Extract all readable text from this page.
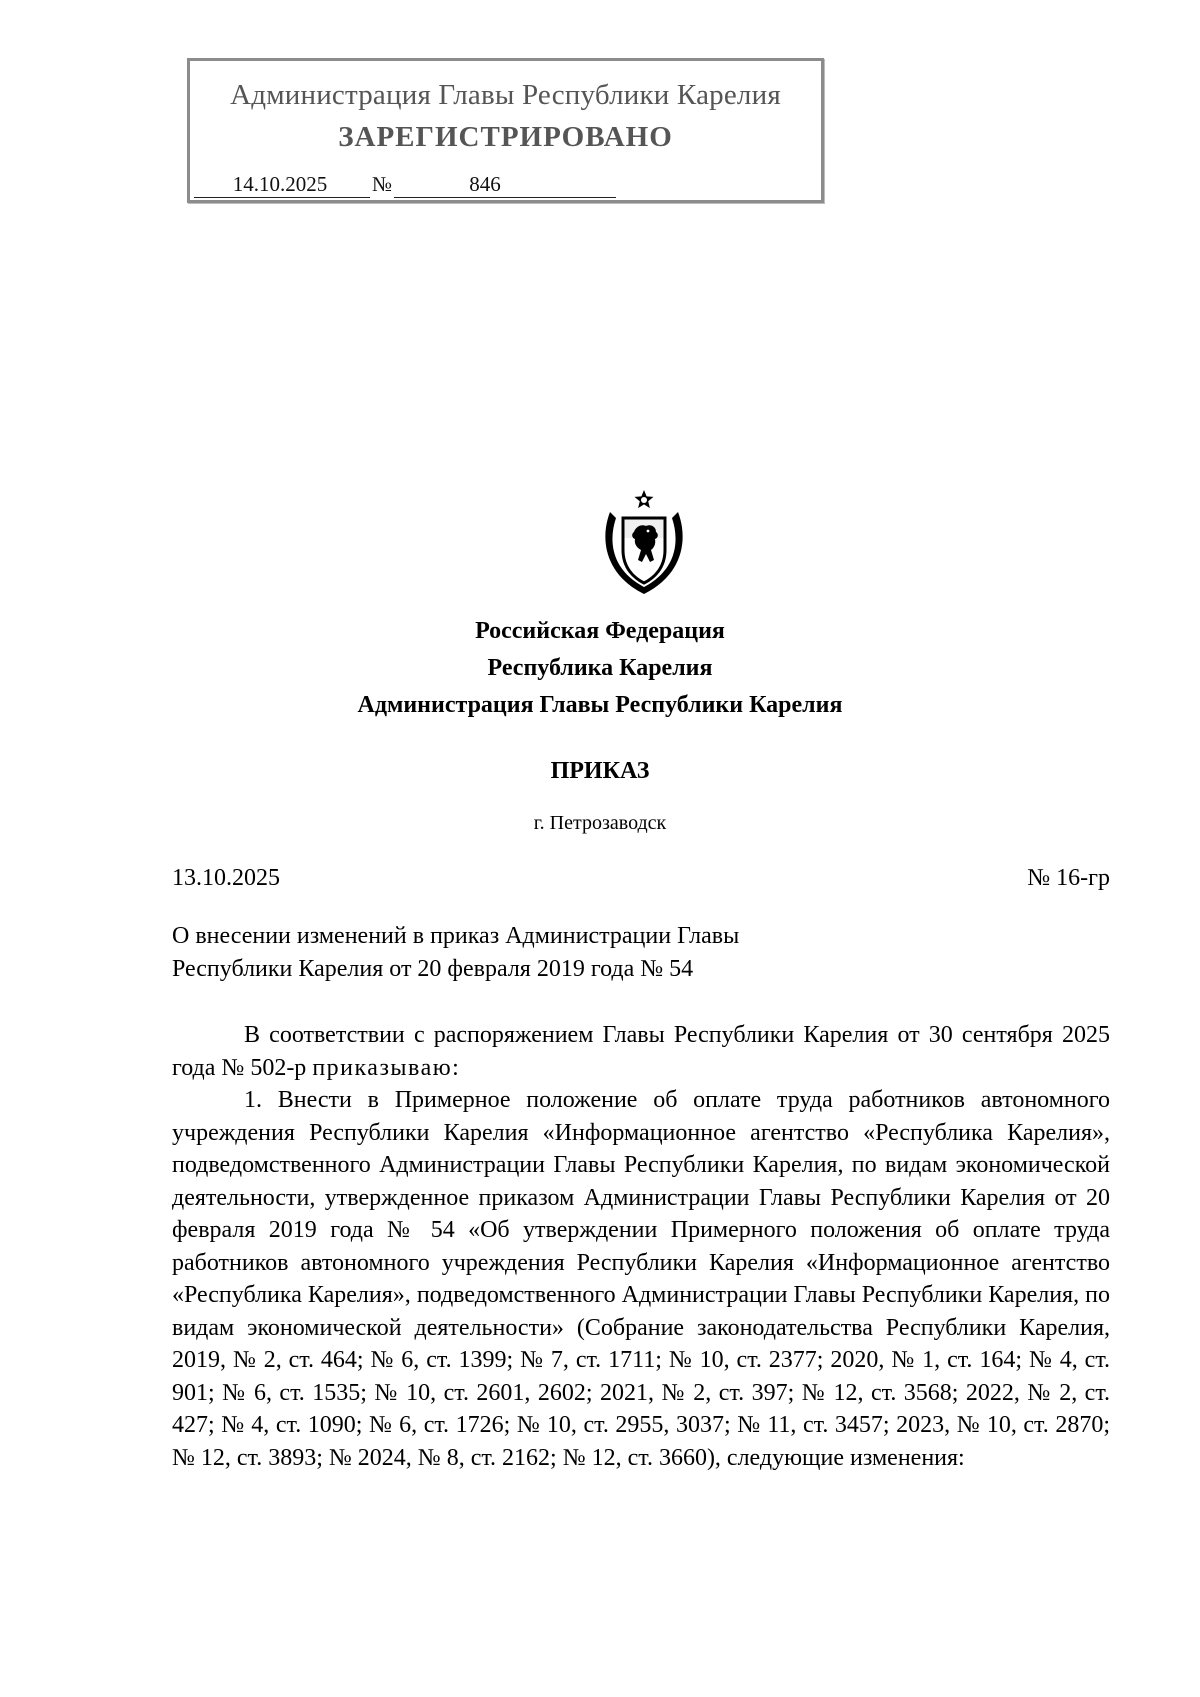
Администрация Главы Республики Карелия
ЗАРЕГИСТРИРОВАНО
14.10.2025 №	846
Российская Федерация
Республика Карелия
Администрация Главы Республики Карелия
ПРИКАЗ
г. Петрозаводск
13.10.2025	№ 16-гр
О внесении изменений в приказ Администрации Главы
Республики Карелия от 20 февраля 2019 года № 54

В соответствии с распоряжением Главы Республики Карелия от 30 сентября 2025 года № 502-р приказываю:

1. Внести в Примерное положение об оплате труда работников автономного учреждения Республики Карелия «Информационное агентство «Республика Карелия», подведомственного Администрации Главы Республики Карелия, по видам экономической деятельности, утвержденное приказом Администрации Главы Республики Карелия от 20 февраля 2019 года № 54 «Об утверждении Примерного положения об оплате труда работников автономного учреждения Республики Карелия «Информационное агентство «Республика Карелия», подведомственного Администрации Главы Республики Карелия, по видам экономической деятельности» (Собрание законодательства Республики Карелия, 2019, № 2, ст. 464; № 6, ст. 1399; № 7, ст. 1711; № 10, ст. 2377; 2020, № 1, ст. 164; № 4, ст. 901; № 6, ст. 1535; № 10, ст. 2601, 2602; 2021, № 2, ст. 397; № 12, ст. 3568; 2022, № 2, ст. 427; № 4, ст. 1090; № 6, ст. 1726; № 10, ст. 2955, 3037; № 11, ст. 3457; 2023, № 10, ст. 2870; № 12, ст. 3893; № 2024, № 8, ст. 2162; № 12, ст. 3660), следующие изменения:
